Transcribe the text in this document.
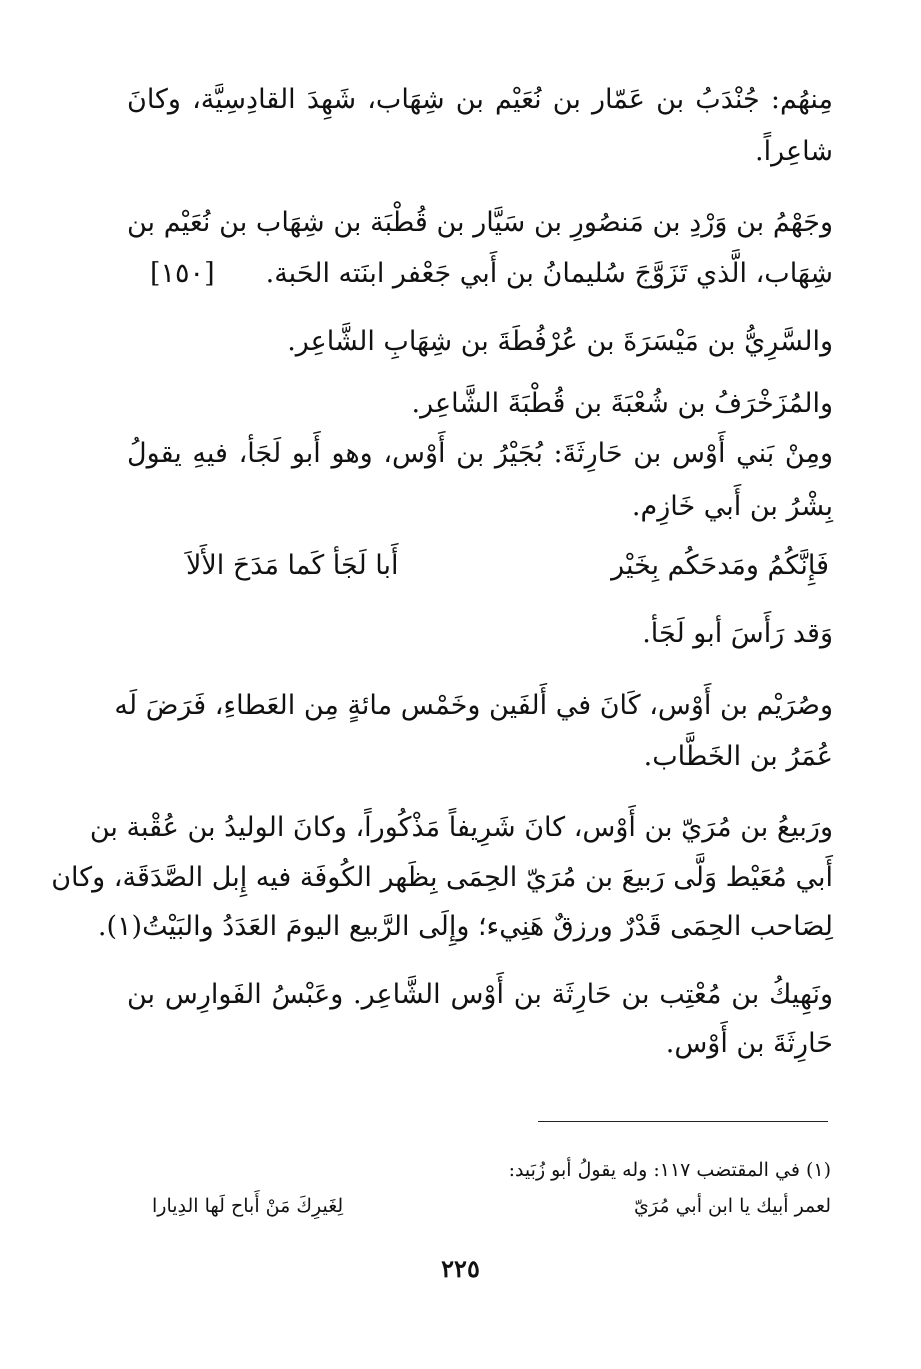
مِنهُم: جُنْدَبُ بن عَمّار بن نُعَيْم بن شِهَاب، شَهِدَ القادِسِيَّة، وكانَ
شاعِراً.
وجَهْمُ بن وَرْدِ بن مَنصُورِ بن سَيَّار بن قُطْبَة بن شِهَاب بن نُعَيْم بن
شِهَاب، الَّذي تَزَوَّجَ سُليمانُ بن أَبي جَعْفر ابنَته الحَبة.
[١٥٠]
والسَّرِيُّ بن مَيْسَرَةَ بن عُرْفُطَةَ بن شِهَابِ الشَّاعِر.
والمُزَخْرَفُ بن شُعْبَةَ بن قُطْبَةَ الشَّاعِر.
ومِنْ بَني أَوْس بن حَارِثَةَ: بُجَيْرُ بن أَوْس، وهو أَبو لَجَأ، فيهِ يقولُ
بِشْرُ بن أَبي خَازِم.
فَإِنَّكُمُ ومَدحَكُم بِخَيْر
أَبا لَجَأ كَما مَدَحَ الأَلاَ
وَقد رَأَسَ أبو لَجَأ.
وصُرَيْم بن أَوْس، كَانَ في أَلفَين وخَمْس مائةٍ مِن العَطاءِ، فَرَضَ لَه
عُمَرُ بن الخَطَّاب.
ورَبيعُ بن مُرَيّ بن أَوْس، كانَ شَرِيفاً مَذْكُوراً، وكانَ الوليدُ بن عُقْبة بن
أَبي مُعَيْط وَلَّى رَبيعَ بن مُرَيّ الحِمَى بِظَهر الكُوفَة فيه إِبل الصَّدَقَة، وكان
لِصَاحب الحِمَى قَدْرٌ ورزقٌ هَنِيء؛ وإِلَى الرَّبيع اليومَ العَدَدُ والبَيْتُ(١).
ونَهِيكُ بن مُعْتِب بن حَارِثَة بن أَوْس الشَّاعِر. وعَبْسُ الفَوارِس بن
حَارِثَةَ بن أَوْس.
(١) في المقتضب ١١٧: وله يقولُ أبو زُبَيد:
لعمر أبيك يا ابن أبي مُرَيّ
لِغَيرِكَ مَنْ أَباح لَها الدِيارا
٢٢٥
